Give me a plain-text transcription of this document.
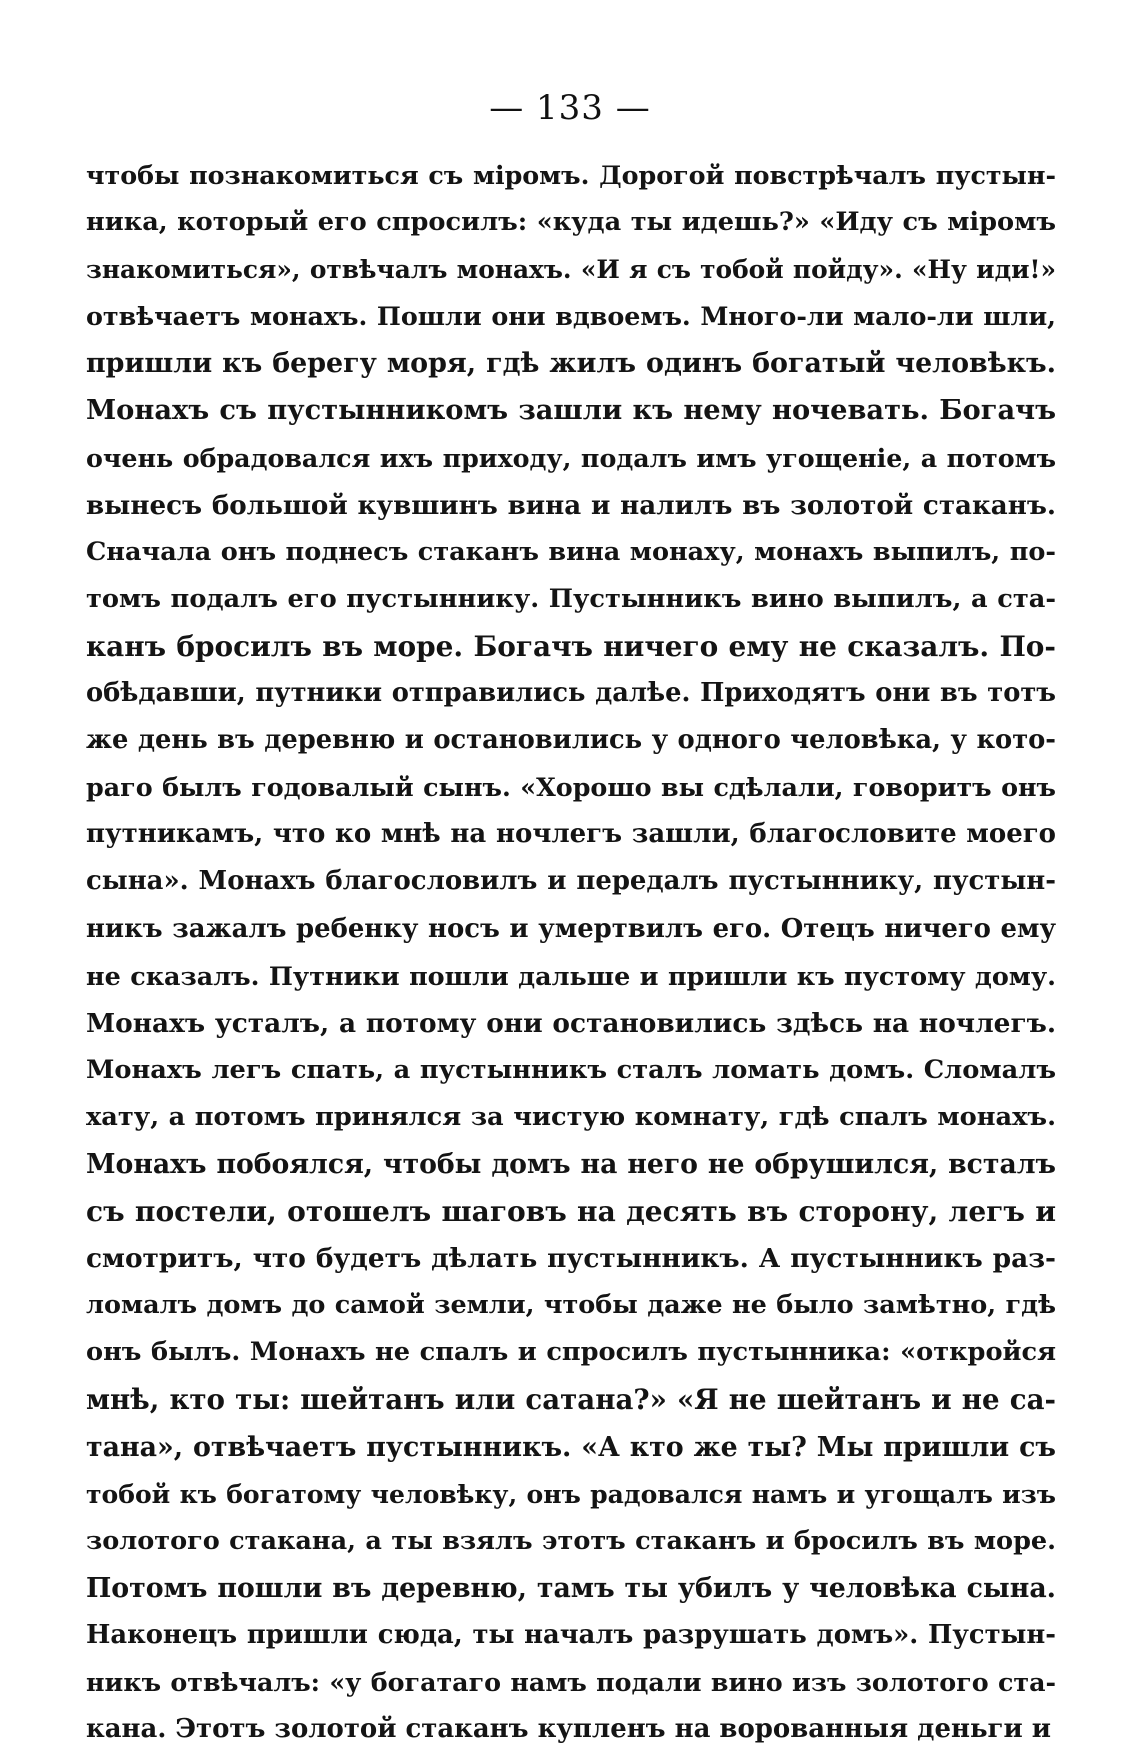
— 133 —
чтобы познакомиться съ міромъ. Дорогой повстрѣчалъ пустын-
ника, который его спросилъ: «куда ты идешь?» «Иду съ міромъ
знакомиться», отвѣчалъ монахъ. «И я съ тобой пойду». «Ну иди!»
отвѣчаетъ монахъ. Пошли они вдвоемъ. Много-ли мало-ли шли,
пришли къ берегу моря, гдѣ жилъ одинъ богатый человѣкъ.
Монахъ съ пустынникомъ зашли къ нему ночевать. Богачъ
очень обрадовался ихъ приходу, подалъ имъ угощеніе, а потомъ
вынесъ большой кувшинъ вина и налилъ въ золотой стаканъ.
Сначала онъ поднесъ стаканъ вина монаху, монахъ выпилъ, по-
томъ подалъ его пустыннику. Пустынникъ вино выпилъ, а ста-
канъ бросилъ въ море. Богачъ ничего ему не сказалъ. По-
обѣдавши, путники отправились далѣе. Приходятъ они въ тотъ
же день въ деревню и остановились у одного человѣка, у кото-
раго былъ годовалый сынъ. «Хорошо вы сдѣлали, говоритъ онъ
путникамъ, что ко мнѣ на ночлегъ зашли, благословите моего
сына». Монахъ благословилъ и передалъ пустыннику, пустын-
никъ зажалъ ребенку носъ и умертвилъ его. Отецъ ничего ему
не сказалъ. Путники пошли дальше и пришли къ пустому дому.
Монахъ усталъ, а потому они остановились здѣсь на ночлегъ.
Монахъ легъ спать, а пустынникъ сталъ ломать домъ. Сломалъ
хату, а потомъ принялся за чистую комнату, гдѣ спалъ монахъ.
Монахъ побоялся, чтобы домъ на него не обрушился, всталъ
съ постели, отошелъ шаговъ на десять въ сторону, легъ и
смотритъ, что будетъ дѣлать пустынникъ. А пустынникъ раз-
ломалъ домъ до самой земли, чтобы даже не было замѣтно, гдѣ
онъ былъ. Монахъ не спалъ и спросилъ пустынника: «откройся
мнѣ, кто ты: шейтанъ или сатана?» «Я не шейтанъ и не са-
тана», отвѣчаетъ пустынникъ. «А кто же ты? Мы пришли съ
тобой къ богатому человѣку, онъ радовался намъ и угощалъ изъ
золотого стакана, а ты взялъ этотъ стаканъ и бросилъ въ море.
Потомъ пошли въ деревню, тамъ ты убилъ у человѣка сына.
Наконецъ пришли сюда, ты началъ разрушать домъ». Пустын-
никъ отвѣчалъ: «у богатаго намъ подали вино изъ золотого ста-
кана. Этотъ золотой стаканъ купленъ на ворованныя деньги и
